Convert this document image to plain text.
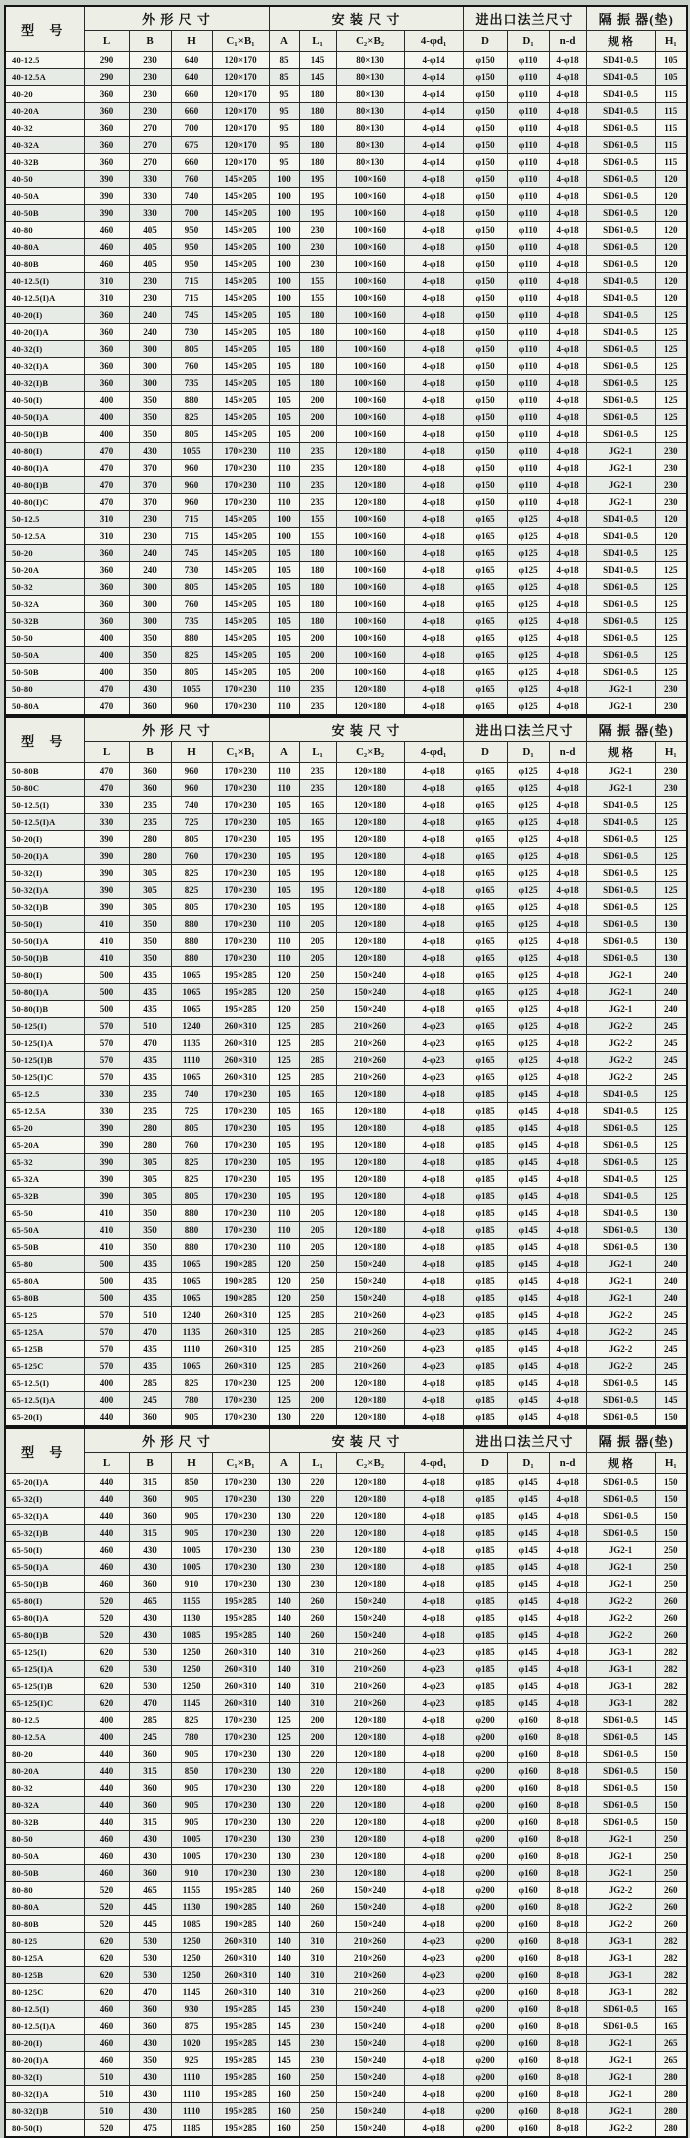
型 号	外 形 尺 寸				安 装 尺 寸				进出口法兰尺寸			隔 振 器(垫)	
	L	B	H	C₁×B₁	A	L₁	C₂×B₂	4-φd₁	D	D₁	n-d	规 格	H₁
40-12.5	290	230	640	120×170	85	145	80×130	4-φ14	φ150	φ110	4-φ18	SD41-0.5	105
40-12.5A	290	230	640	120×170	85	145	80×130	4-φ14	φ150	φ110	4-φ18	SD41-0.5	105
40-20	360	230	660	120×170	95	180	80×130	4-φ14	φ150	φ110	4-φ18	SD41-0.5	115
40-20A	360	230	660	120×170	95	180	80×130	4-φ14	φ150	φ110	4-φ18	SD41-0.5	115
40-32	360	270	700	120×170	95	180	80×130	4-φ14	φ150	φ110	4-φ18	SD61-0.5	115
40-32A	360	270	675	120×170	95	180	80×130	4-φ14	φ150	φ110	4-φ18	SD61-0.5	115
40-32B	360	270	660	120×170	95	180	80×130	4-φ14	φ150	φ110	4-φ18	SD61-0.5	115
40-50	390	330	760	145×205	100	195	100×160	4-φ18	φ150	φ110	4-φ18	SD61-0.5	120
40-50A	390	330	740	145×205	100	195	100×160	4-φ18	φ150	φ110	4-φ18	SD61-0.5	120
40-50B	390	330	700	145×205	100	195	100×160	4-φ18	φ150	φ110	4-φ18	SD61-0.5	120
40-80	460	405	950	145×205	100	230	100×160	4-φ18	φ150	φ110	4-φ18	SD61-0.5	120
40-80A	460	405	950	145×205	100	230	100×160	4-φ18	φ150	φ110	4-φ18	SD61-0.5	120
40-80B	460	405	950	145×205	100	230	100×160	4-φ18	φ150	φ110	4-φ18	SD61-0.5	120
40-12.5(I)	310	230	715	145×205	100	155	100×160	4-φ18	φ150	φ110	4-φ18	SD41-0.5	120
40-12.5(I)A	310	230	715	145×205	100	155	100×160	4-φ18	φ150	φ110	4-φ18	SD41-0.5	120
40-20(I)	360	240	745	145×205	105	180	100×160	4-φ18	φ150	φ110	4-φ18	SD41-0.5	125
40-20(I)A	360	240	730	145×205	105	180	100×160	4-φ18	φ150	φ110	4-φ18	SD41-0.5	125
40-32(I)	360	300	805	145×205	105	180	100×160	4-φ18	φ150	φ110	4-φ18	SD61-0.5	125
40-32(I)A	360	300	760	145×205	105	180	100×160	4-φ18	φ150	φ110	4-φ18	SD61-0.5	125
40-32(I)B	360	300	735	145×205	105	180	100×160	4-φ18	φ150	φ110	4-φ18	SD61-0.5	125
40-50(I)	400	350	880	145×205	105	200	100×160	4-φ18	φ150	φ110	4-φ18	SD61-0.5	125
40-50(I)A	400	350	825	145×205	105	200	100×160	4-φ18	φ150	φ110	4-φ18	SD61-0.5	125
40-50(I)B	400	350	805	145×205	105	200	100×160	4-φ18	φ150	φ110	4-φ18	SD61-0.5	125
40-80(I)	470	430	1055	170×230	110	235	120×180	4-φ18	φ150	φ110	4-φ18	JG2-1	230
40-80(I)A	470	370	960	170×230	110	235	120×180	4-φ18	φ150	φ110	4-φ18	JG2-1	230
40-80(I)B	470	370	960	170×230	110	235	120×180	4-φ18	φ150	φ110	4-φ18	JG2-1	230
40-80(I)C	470	370	960	170×230	110	235	120×180	4-φ18	φ150	φ110	4-φ18	JG2-1	230
50-12.5	310	230	715	145×205	100	155	100×160	4-φ18	φ165	φ125	4-φ18	SD41-0.5	120
50-12.5A	310	230	715	145×205	100	155	100×160	4-φ18	φ165	φ125	4-φ18	SD41-0.5	120
50-20	360	240	745	145×205	105	180	100×160	4-φ18	φ165	φ125	4-φ18	SD41-0.5	125
50-20A	360	240	730	145×205	105	180	100×160	4-φ18	φ165	φ125	4-φ18	SD41-0.5	125
50-32	360	300	805	145×205	105	180	100×160	4-φ18	φ165	φ125	4-φ18	SD61-0.5	125
50-32A	360	300	760	145×205	105	180	100×160	4-φ18	φ165	φ125	4-φ18	SD61-0.5	125
50-32B	360	300	735	145×205	105	180	100×160	4-φ18	φ165	φ125	4-φ18	SD61-0.5	125
50-50	400	350	880	145×205	105	200	100×160	4-φ18	φ165	φ125	4-φ18	SD61-0.5	125
50-50A	400	350	825	145×205	105	200	100×160	4-φ18	φ165	φ125	4-φ18	SD61-0.5	125
50-50B	400	350	805	145×205	105	200	100×160	4-φ18	φ165	φ125	4-φ18	SD61-0.5	125
50-80	470	430	1055	170×230	110	235	120×180	4-φ18	φ165	φ125	4-φ18	JG2-1	230
50-80A	470	360	960	170×230	110	235	120×180	4-φ18	φ165	φ125	4-φ18	JG2-1	230
型 号	外 形 尺 寸				安 装 尺 寸				进出口法兰尺寸			隔 振 器(垫)	
	L	B	H	C₁×B₁	A	L₁	C₂×B₂	4-φd₁	D	D₁	n-d	规 格	H₁
50-80B	470	360	960	170×230	110	235	120×180	4-φ18	φ165	φ125	4-φ18	JG2-1	230
50-80C	470	360	960	170×230	110	235	120×180	4-φ18	φ165	φ125	4-φ18	JG2-1	230
50-12.5(I)	330	235	740	170×230	105	165	120×180	4-φ18	φ165	φ125	4-φ18	SD41-0.5	125
50-12.5(I)A	330	235	725	170×230	105	165	120×180	4-φ18	φ165	φ125	4-φ18	SD41-0.5	125
50-20(I)	390	280	805	170×230	105	195	120×180	4-φ18	φ165	φ125	4-φ18	SD61-0.5	125
50-20(I)A	390	280	760	170×230	105	195	120×180	4-φ18	φ165	φ125	4-φ18	SD61-0.5	125
50-32(I)	390	305	825	170×230	105	195	120×180	4-φ18	φ165	φ125	4-φ18	SD61-0.5	125
50-32(I)A	390	305	825	170×230	105	195	120×180	4-φ18	φ165	φ125	4-φ18	SD61-0.5	125
50-32(I)B	390	305	805	170×230	105	195	120×180	4-φ18	φ165	φ125	4-φ18	SD61-0.5	125
50-50(I)	410	350	880	170×230	110	205	120×180	4-φ18	φ165	φ125	4-φ18	SD61-0.5	130
50-50(I)A	410	350	880	170×230	110	205	120×180	4-φ18	φ165	φ125	4-φ18	SD61-0.5	130
50-50(I)B	410	350	880	170×230	110	205	120×180	4-φ18	φ165	φ125	4-φ18	SD61-0.5	130
50-80(I)	500	435	1065	195×285	120	250	150×240	4-φ18	φ165	φ125	4-φ18	JG2-1	240
50-80(I)A	500	435	1065	195×285	120	250	150×240	4-φ18	φ165	φ125	4-φ18	JG2-1	240
50-80(I)B	500	435	1065	195×285	120	250	150×240	4-φ18	φ165	φ125	4-φ18	JG2-1	240
50-125(I)	570	510	1240	260×310	125	285	210×260	4-φ23	φ165	φ125	4-φ18	JG2-2	245
50-125(I)A	570	470	1135	260×310	125	285	210×260	4-φ23	φ165	φ125	4-φ18	JG2-2	245
50-125(I)B	570	435	1110	260×310	125	285	210×260	4-φ23	φ165	φ125	4-φ18	JG2-2	245
50-125(I)C	570	435	1065	260×310	125	285	210×260	4-φ23	φ165	φ125	4-φ18	JG2-2	245
65-12.5	330	235	740	170×230	105	165	120×180	4-φ18	φ185	φ145	4-φ18	SD41-0.5	125
65-12.5A	330	235	725	170×230	105	165	120×180	4-φ18	φ185	φ145	4-φ18	SD41-0.5	125
65-20	390	280	805	170×230	105	195	120×180	4-φ18	φ185	φ145	4-φ18	SD61-0.5	125
65-20A	390	280	760	170×230	105	195	120×180	4-φ18	φ185	φ145	4-φ18	SD61-0.5	125
65-32	390	305	825	170×230	105	195	120×180	4-φ18	φ185	φ145	4-φ18	SD61-0.5	125
65-32A	390	305	825	170×230	105	195	120×180	4-φ18	φ185	φ145	4-φ18	SD41-0.5	125
65-32B	390	305	805	170×230	105	195	120×180	4-φ18	φ185	φ145	4-φ18	SD41-0.5	125
65-50	410	350	880	170×230	110	205	120×180	4-φ18	φ185	φ145	4-φ18	SD41-0.5	130
65-50A	410	350	880	170×230	110	205	120×180	4-φ18	φ185	φ145	4-φ18	SD61-0.5	130
65-50B	410	350	880	170×230	110	205	120×180	4-φ18	φ185	φ145	4-φ18	SD61-0.5	130
65-80	500	435	1065	190×285	120	250	150×240	4-φ18	φ185	φ145	4-φ18	JG2-1	240
65-80A	500	435	1065	190×285	120	250	150×240	4-φ18	φ185	φ145	4-φ18	JG2-1	240
65-80B	500	435	1065	190×285	120	250	150×240	4-φ18	φ185	φ145	4-φ18	JG2-1	240
65-125	570	510	1240	260×310	125	285	210×260	4-φ23	φ185	φ145	4-φ18	JG2-2	245
65-125A	570	470	1135	260×310	125	285	210×260	4-φ23	φ185	φ145	4-φ18	JG2-2	245
65-125B	570	435	1110	260×310	125	285	210×260	4-φ23	φ185	φ145	4-φ18	JG2-2	245
65-125C	570	435	1065	260×310	125	285	210×260	4-φ23	φ185	φ145	4-φ18	JG2-2	245
65-12.5(I)	400	285	825	170×230	125	200	120×180	4-φ18	φ185	φ145	4-φ18	SD61-0.5	145
65-12.5(I)A	400	245	780	170×230	125	200	120×180	4-φ18	φ185	φ145	4-φ18	SD61-0.5	145
65-20(I)	440	360	905	170×230	130	220	120×180	4-φ18	φ185	φ145	4-φ18	SD61-0.5	150
型 号	外 形 尺 寸				安 装 尺 寸				进出口法兰尺寸			隔 振 器(垫)	
	L	B	H	C₁×B₁	A	L₁	C₂×B₂	4-φd₁	D	D₁	n-d	规 格	H₁
65-20(I)A	440	315	850	170×230	130	220	120×180	4-φ18	φ185	φ145	4-φ18	SD61-0.5	150
65-32(I)	440	360	905	170×230	130	220	120×180	4-φ18	φ185	φ145	4-φ18	SD61-0.5	150
65-32(I)A	440	360	905	170×230	130	220	120×180	4-φ18	φ185	φ145	4-φ18	SD61-0.5	150
65-32(I)B	440	315	905	170×230	130	220	120×180	4-φ18	φ185	φ145	4-φ18	SD61-0.5	150
65-50(I)	460	430	1005	170×230	130	230	120×180	4-φ18	φ185	φ145	4-φ18	JG2-1	250
65-50(I)A	460	430	1005	170×230	130	230	120×180	4-φ18	φ185	φ145	4-φ18	JG2-1	250
65-50(I)B	460	360	910	170×230	130	230	120×180	4-φ18	φ185	φ145	4-φ18	JG2-1	250
65-80(I)	520	465	1155	195×285	140	260	150×240	4-φ18	φ185	φ145	4-φ18	JG2-2	260
65-80(I)A	520	430	1130	195×285	140	260	150×240	4-φ18	φ185	φ145	4-φ18	JG2-2	260
65-80(I)B	520	430	1085	195×285	140	260	150×240	4-φ18	φ185	φ145	4-φ18	JG2-2	260
65-125(I)	620	530	1250	260×310	140	310	210×260	4-φ23	φ185	φ145	4-φ18	JG3-1	282
65-125(I)A	620	530	1250	260×310	140	310	210×260	4-φ23	φ185	φ145	4-φ18	JG3-1	282
65-125(I)B	620	530	1250	260×310	140	310	210×260	4-φ23	φ185	φ145	4-φ18	JG3-1	282
65-125(I)C	620	470	1145	260×310	140	310	210×260	4-φ23	φ185	φ145	4-φ18	JG3-1	282
80-12.5	400	285	825	170×230	125	200	120×180	4-φ18	φ200	φ160	8-φ18	SD61-0.5	145
80-12.5A	400	245	780	170×230	125	200	120×180	4-φ18	φ200	φ160	8-φ18	SD61-0.5	145
80-20	440	360	905	170×230	130	220	120×180	4-φ18	φ200	φ160	8-φ18	SD61-0.5	150
80-20A	440	315	850	170×230	130	220	120×180	4-φ18	φ200	φ160	8-φ18	SD61-0.5	150
80-32	440	360	905	170×230	130	220	120×180	4-φ18	φ200	φ160	8-φ18	SD61-0.5	150
80-32A	440	360	905	170×230	130	220	120×180	4-φ18	φ200	φ160	8-φ18	SD61-0.5	150
80-32B	440	315	905	170×230	130	220	120×180	4-φ18	φ200	φ160	8-φ18	SD61-0.5	150
80-50	460	430	1005	170×230	130	230	120×180	4-φ18	φ200	φ160	8-φ18	JG2-1	250
80-50A	460	430	1005	170×230	130	230	120×180	4-φ18	φ200	φ160	8-φ18	JG2-1	250
80-50B	460	360	910	170×230	130	230	120×180	4-φ18	φ200	φ160	8-φ18	JG2-1	250
80-80	520	465	1155	195×285	140	260	150×240	4-φ18	φ200	φ160	8-φ18	JG2-2	260
80-80A	520	445	1130	190×285	140	260	150×240	4-φ18	φ200	φ160	8-φ18	JG2-2	260
80-80B	520	445	1085	190×285	140	260	150×240	4-φ18	φ200	φ160	8-φ18	JG2-2	260
80-125	620	530	1250	260×310	140	310	210×260	4-φ23	φ200	φ160	8-φ18	JG3-1	282
80-125A	620	530	1250	260×310	140	310	210×260	4-φ23	φ200	φ160	8-φ18	JG3-1	282
80-125B	620	530	1250	260×310	140	310	210×260	4-φ23	φ200	φ160	8-φ18	JG3-1	282
80-125C	620	470	1145	260×310	140	310	210×260	4-φ23	φ200	φ160	8-φ18	JG3-1	282
80-12.5(I)	460	360	930	195×285	145	230	150×240	4-φ18	φ200	φ160	8-φ18	SD61-0.5	165
80-12.5(I)A	460	360	875	195×285	145	230	150×240	4-φ18	φ200	φ160	8-φ18	SD61-0.5	165
80-20(I)	460	430	1020	195×285	145	230	150×240	4-φ18	φ200	φ160	8-φ18	JG2-1	265
80-20(I)A	460	350	925	195×285	145	230	150×240	4-φ18	φ200	φ160	8-φ18	JG2-1	265
80-32(I)	510	430	1110	195×285	160	250	150×240	4-φ18	φ200	φ160	8-φ18	JG2-1	280
80-32(I)A	510	430	1110	195×285	160	250	150×240	4-φ18	φ200	φ160	8-φ18	JG2-1	280
80-32(I)B	510	430	1110	195×285	160	250	150×240	4-φ18	φ200	φ160	8-φ18	JG2-1	280
80-50(I)	520	475	1185	195×285	160	250	150×240	4-φ18	φ200	φ160	8-φ18	JG2-2	280
